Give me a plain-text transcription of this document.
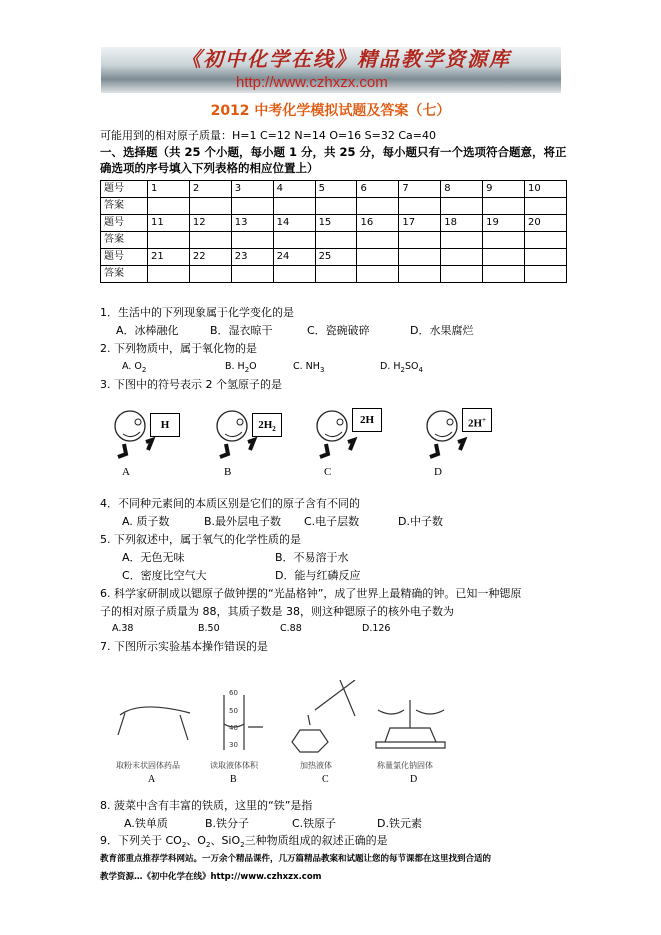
《初中化学在线》精品教学资源库
http://www.czhxzx.com
2012 中考化学模拟试题及答案（七）
可能用到的相对原子质量：H=1 C=12 N=14 O=16 S=32 Ca=40
一、选择题（共 25 个小题，每小题 1 分，共 25 分，每小题只有一个选项符合题意，将正
确选项的序号填入下列表格的相应位置上）
题号	1	2	3	4	5	6	7	8	9	10
答案										
题号	11	12	13	14	15	16	17	18	19	20
答案										
题号	21	22	23	24	25					
答案										
1．生活中的下列现象属于化学变化的是
A．冰棒融化	B．湿衣晾干	C．瓷碗破碎	D．水果腐烂
2. 下列物质中，属于氧化物的是
A. $O_2$	B. $H_2O$	C. $NH_3$	D. $H_2SO_4$
3. 下图中的符号表示 2 个氢原子的是
H
A
$2H_2$
B
2H
C
2H+
D
4．不同种元素间的本质区别是它们的原子含有不同的
A. 质子数	B.最外层电子数 C.电子层数	D.中子数
5. 下列叙述中，属于氧气的化学性质的是
A．无色无味	B．不易溶于水
C．密度比空气大	D．能与红磷反应
6. 科学家研制成以锶原子做钟摆的“光晶格钟”，成了世界上最精确的钟。已知一种锶原
子的相对原子质量为 88，其质子数是 38，则这种锶原子的核外电子数为
A.38	B.50	C.88	D.126
7. 下图所示实验基本操作错误的是
取粉末状固体药品
A
读取液体体积
B
加热液体
C
称量氯化钠固体
D
60
50
40
30
8. 菠菜中含有丰富的铁质，这里的“铁”是指
A.铁单质	B.铁分子	C.铁原子	D.铁元素
9．下列关于 $CO_2$、$O_2$、SiO$_2$三种物质组成的叙述正确的是
教育部重点推荐学科网站。一万余个精品课件，几万篇精品教案和试题让您的每节课都在这里找到合适的
教学资源…《初中化学在线》http://www.czhxzx.com
